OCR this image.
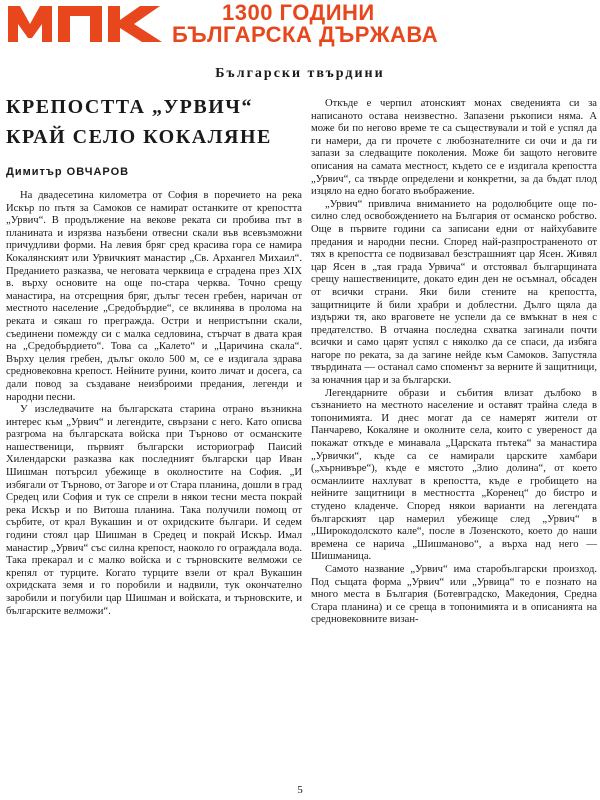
1300 ГОДИНИ
БЪЛГАРСКА ДЪРЖАВА
Български твърдини
КРЕПОСТТА „УРВИЧ“
КРАЙ СЕЛО КОКАЛЯНЕ
Димитър ОВЧАРОВ

На двадесетина километра от София в поречието на река Искър по пътя за Самоков се намират останките от крепостта „Урвич“. В продължение на векове реката си пробива път в планината и изрязва назъбени отвесни скали във всевъзможни причудливи форми. На левия бряг сред красива гора се намира Кокалянският или Урвичкият манастир „Св. Архангел Михаил“. Преданието разказва, че неговата черквица е сградена през XIX в. върху основите на още по-стара черква. Точно срещу манастира, на отсрещния бряг, дълъг тесен гребен, наричан от местното население „Средобърдие“, се вклинява в пролома на реката и сякаш го преграждa. Остри и непристъпни скали, съединени помежду си с малка седловина, стърчат в двата края на „Средобърдието“. Това са „Калето“ и „Царичина скала“. Върху целия гребен, дълъг около 500 м, се е издигала здрава средновековна крепост. Нейните руини, които личат и досега, са дали повод за създаване неизброими предания, легенди и народни песни.

У изследвачите на българската старина отрано възникна интерес към „Урвич“ и легендите, свързани с него. Като описва разгрома на българската войска при Търново от османските нашественици, първият български историограф Паисий Хилендарски разказва как последният български цар Иван Шишман потърсил убежище в околностите на София. „И избягали от Търново, от Загоре и от Стара планина, дошли в град Средец или София и тук се спрели в някои тесни места покрай река Искър и по Витоша планина. Така получили помощ от сърбите, от крал Вукашин и от охридските българи. И седем години стоял цар Шишман в Средец и покрай Искър. Имал манастир „Урвич“ със силна крепост, наоколо го ограждала вода. Така прекарал и с малко войска и с търновските велможи се крепял от турците. Когато турците взели от крал Вукашин охридската земя и го поробили и надвили, тук окончателно заробили и погубили цар Шишман и войската, и търновските, и българските велможи“.

Откъде е черпил атонският монах сведенията си за написаното остава неизвестно. Запазени ръкописи няма. А може би по негово време те са съществували и той е успял да ги намери, да ги прочете с любознателните си очи и да ги запази за следващите поколения. Може би защото неговите описания на самата местност, където се е издигала крепостта „Урвич“, са твърде определени и конкретни, за да бъдат плод изцяло на едно богато въображение.

„Урвич“ привлича вниманието на родолюбците още по-силно след освобождението на България от османско робство. Още в първите години са записани едни от найхубавите предания и народни песни. Според най-разпространеното от тях в крепостта се подвизавал безстрашният цар Ясен. Живял цар Ясен в „тая града Урвича“ и отстоявал българщината срещу нашествениците, докато един ден не осъмнал, обсаден от всички страни. Яки били стените на крепостта, защитниците й били храбри и доблестни. Дълго щяла да издържи тя, ако враговете не успели да се вмъкнат в нея с предателство. В отчаяна последна схватка загинали почти всички и само царят успял с няколко да се спаси, да избяга нагоре по реката, за да загине нейде към Самоков. Запустяла твърдината — останал само споменът за верните й защитници, за юначния цар и за български.

Легендарните образи и събития влизат дълбоко в съзнанието на местното население и оставят трайна следа в топонимията. И днес могат да се намерят жители от Панчарево, Кокаляне и околните села, които с увереност да покажат откъде е минавала „Царската пътека“ за манастира „Урвички“, къде са се намирали царските хамбари („хърнивъре“), къде е мястото „Злио долина“, от което османлиите нахлуват в крепостта, къде е гробището на нейните защитници в местността „Коренец“ до бистро и студено кладенче. Според някои варианти на легендата българският цар намерил убежище след „Урвич“ в „Широкодолското кале“, после в Лозенското, което до наши времена се нарича „Шишманово“, а върха над него — Шишманица.

Самото название „Урвич“ има старобългарски произход. Под същата форма „Урвич“ или „Урвица“ то е познато на много места в България (Ботевградско, Македония, Средна Стара планина) и се среща в топонимията и в описанията на средновековните визан-

5
